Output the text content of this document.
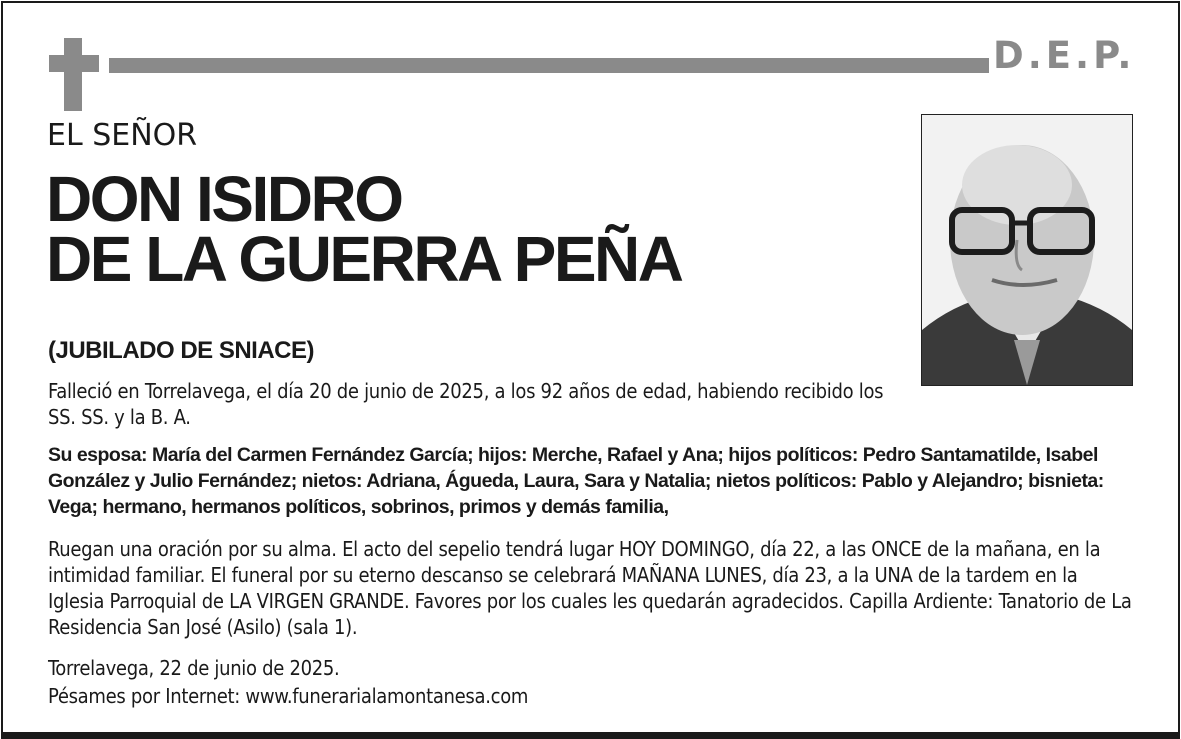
D.E.P.
EL SEÑOR
DON ISIDRO
DE LA GUERRA PEÑA
(JUBILADO DE SNIACE)
Falleció en Torrelavega, el día 20 de junio de 2025, a los 92 años de edad, habiendo recibido los SS. SS. y la B. A.
Su esposa: María del Carmen Fernández García; hijos: Merche, Rafael y Ana; hijos políticos: Pedro Santamatilde, Isabel González y Julio Fernández; nietos: Adriana, Águeda, Laura, Sara y Natalia; nietos políticos: Pablo y Alejandro; bisnieta: Vega; hermano, hermanos políticos, sobrinos, primos y demás familia,
Ruegan una oración por su alma. El acto del sepelio tendrá lugar HOY DOMINGO, día 22, a las ONCE de la mañana, en la intimidad familiar. El funeral por su eterno descanso se celebrará MAÑANA LUNES, día 23, a la UNA de la tardem en la Iglesia Parroquial de LA VIRGEN GRANDE. Favores por los cuales les quedarán agradecidos. Capilla Ardiente: Tanatorio de La Residencia San José (Asilo) (sala 1).
Torrelavega, 22 de junio de 2025.
Pésames por Internet: www.funerarialamontanesa.com
